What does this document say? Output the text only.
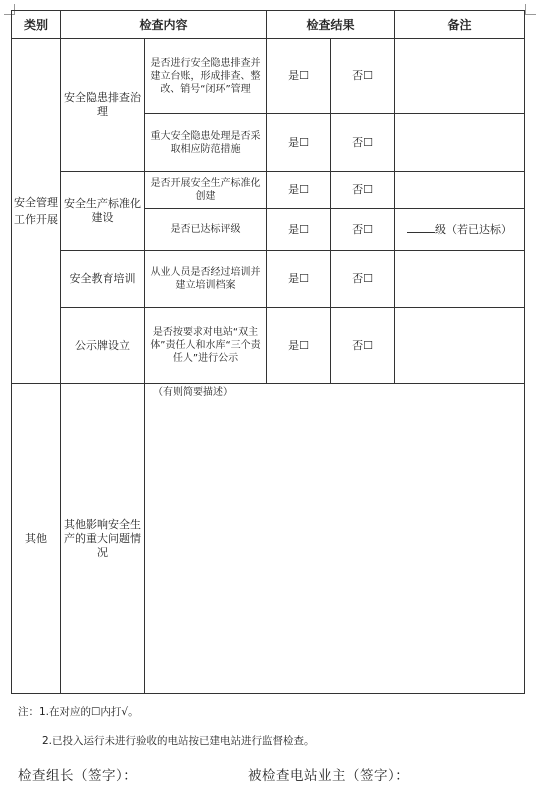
类别	检查内容		检查结果		备注
安全管理工作开展	安全隐患排查治理	是否进行安全隐患排查并建立台账，形成排查、整改、销号“闭环”管理	是☐	否☐	
		重大安全隐患处理是否采取相应防范措施	是☐	否☐	
	安全生产标准化建设	是否开展安全生产标准化创建	是☐	否☐	
		是否已达标评级	是☐	否☐	级（若已达标）
	安全教育培训	从业人员是否经过培训并建立培训档案	是☐	否☐	
	公示牌设立	是否按要求对电站“双主体”责任人和水库“三个责任人”进行公示	是☐	否☐	

其他	其他影响安全生产的重大问题情况	（有则简要描述）			
注：1.在对应的☐内打√。
2.已投入运行未进行验收的电站按已建电站进行监督检查。
检查组长（签字）：	被检查电站业主（签字）：
